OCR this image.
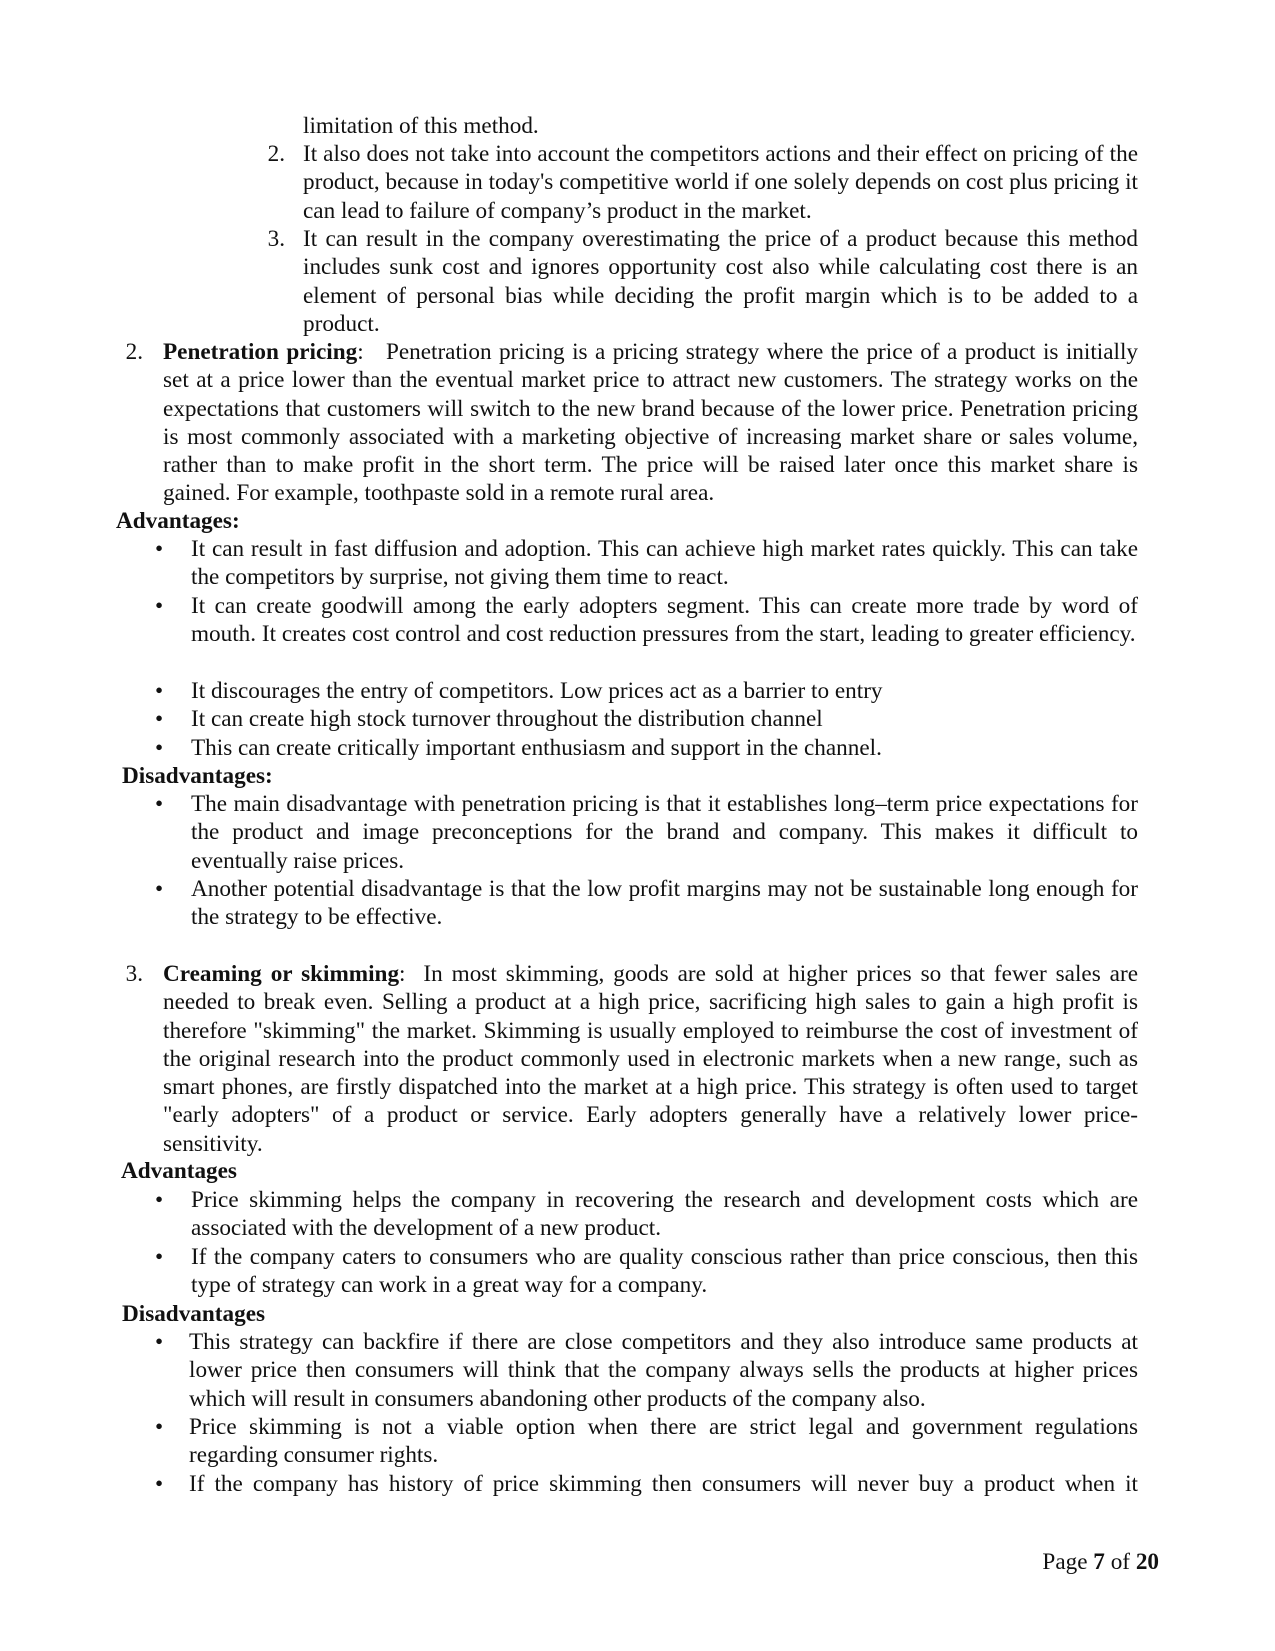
limitation of this method.
2. It also does not take into account the competitors actions and their effect on pricing of the product, because in today's competitive world if one solely depends on cost plus pricing it can lead to failure of company’s product in the market.
3. It can result in the company overestimating the price of a product because this method includes sunk cost and ignores opportunity cost also while calculating cost there is an element of personal bias while deciding the profit margin which is to be added to a product.
2. Penetration pricing: Penetration pricing is a pricing strategy where the price of a product is initially set at a price lower than the eventual market price to attract new customers. The strategy works on the expectations that customers will switch to the new brand because of the lower price. Penetration pricing is most commonly associated with a marketing objective of increasing market share or sales volume, rather than to make profit in the short term. The price will be raised later once this market share is gained. For example, toothpaste sold in a remote rural area.
Advantages:
• It can result in fast diffusion and adoption. This can achieve high market rates quickly. This can take the competitors by surprise, not giving them time to react.
• It can create goodwill among the early adopters segment. This can create more trade by word of mouth. It creates cost control and cost reduction pressures from the start, leading to greater efficiency.
• It discourages the entry of competitors. Low prices act as a barrier to entry
• It can create high stock turnover throughout the distribution channel
• This can create critically important enthusiasm and support in the channel.
Disadvantages:
• The main disadvantage with penetration pricing is that it establishes long–term price expectations for the product and image preconceptions for the brand and company. This makes it difficult to eventually raise prices.
• Another potential disadvantage is that the low profit margins may not be sustainable long enough for the strategy to be effective.
3. Creaming or skimming: In most skimming, goods are sold at higher prices so that fewer sales are needed to break even. Selling a product at a high price, sacrificing high sales to gain a high profit is therefore "skimming" the market. Skimming is usually employed to reimburse the cost of investment of the original research into the product commonly used in electronic markets when a new range, such as smart phones, are firstly dispatched into the market at a high price. This strategy is often used to target "early adopters" of a product or service. Early adopters generally have a relatively lower price-sensitivity.
Advantages
• Price skimming helps the company in recovering the research and development costs which are associated with the development of a new product.
• If the company caters to consumers who are quality conscious rather than price conscious, then this type of strategy can work in a great way for a company.
Disadvantages
• This strategy can backfire if there are close competitors and they also introduce same products at lower price then consumers will think that the company always sells the products at higher prices which will result in consumers abandoning other products of the company also.
• Price skimming is not a viable option when there are strict legal and government regulations regarding consumer rights.
• If the company has history of price skimming then consumers will never buy a product when it
Page 7 of 20
